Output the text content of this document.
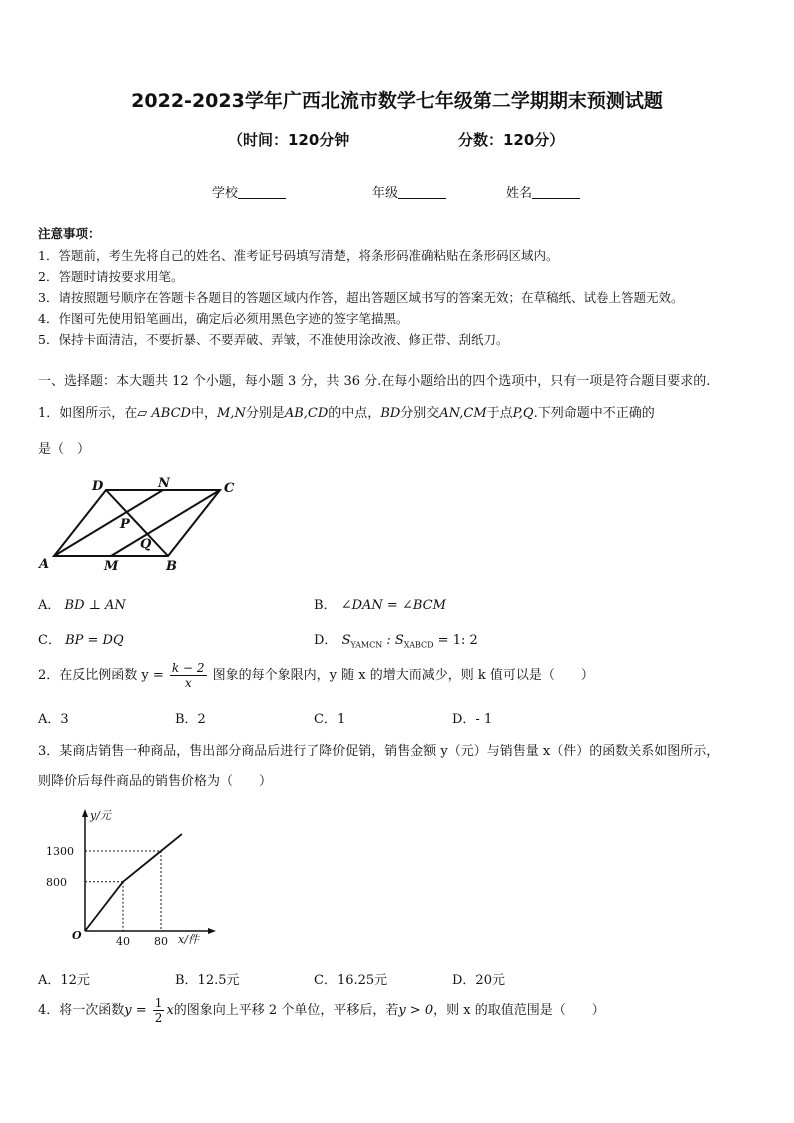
2022-2023学年广西北流市数学七年级第二学期期末预测试题
（时间：120分钟	分数：120分）
学校	年级	姓名
注意事项：
1．答题前，考生先将自己的姓名、准考证号码填写清楚，将条形码准确粘贴在条形码区域内。
2．答题时请按要求用笔。
3．请按照题号顺序在答题卡各题目的答题区域内作答，超出答题区域书写的答案无效；在草稿纸、试卷上答题无效。
4．作图可先使用铅笔画出，确定后必须用黑色字迹的签字笔描黑。
5．保持卡面清洁，不要折暴、不要弄破、弄皱，不准使用涂改液、修正带、刮纸刀。
一、选择题：本大题共 12 个小题，每小题 3 分，共 36 分.在每小题给出的四个选项中，只有一项是符合题目要求的.
1．如图所示，在▱ ABCD中，M,N分别是AB,CD的中点，BD分别交AN,CM于点P,Q.下列命题中不正确的
是（　）
D	N	C
P
Q
A	M	B
A． BD ⊥ AN	B． ∠DAN = ∠BCM
C． BP = DQ	D． $S_{YAMCN}$ : $S_{XABCD} = 1$: 2
2．在反比例函数 $y = \frac{k - 2}{x}$ 图象的每个象限内，y 随 x 的增大而减少，则 k 值可以是（　　）
A．3	B．2	C．1	D．- 1
3．某商店销售一种商品，售出部分商品后进行了降价促销，销售金额 y（元）与销售量 x（件）的函数关系如图所示，
则降价后每件商品的销售价格为（　　）
y/元
x/件
O	40 80
800
1300
A．12元	B．12.5元	C．16.25元	D．20元
4．将一次函数$y = \frac{1}{2}$ x的图象向上平移 2 个单位，平移后，若y > 0，则 x 的取值范围是（　　）
